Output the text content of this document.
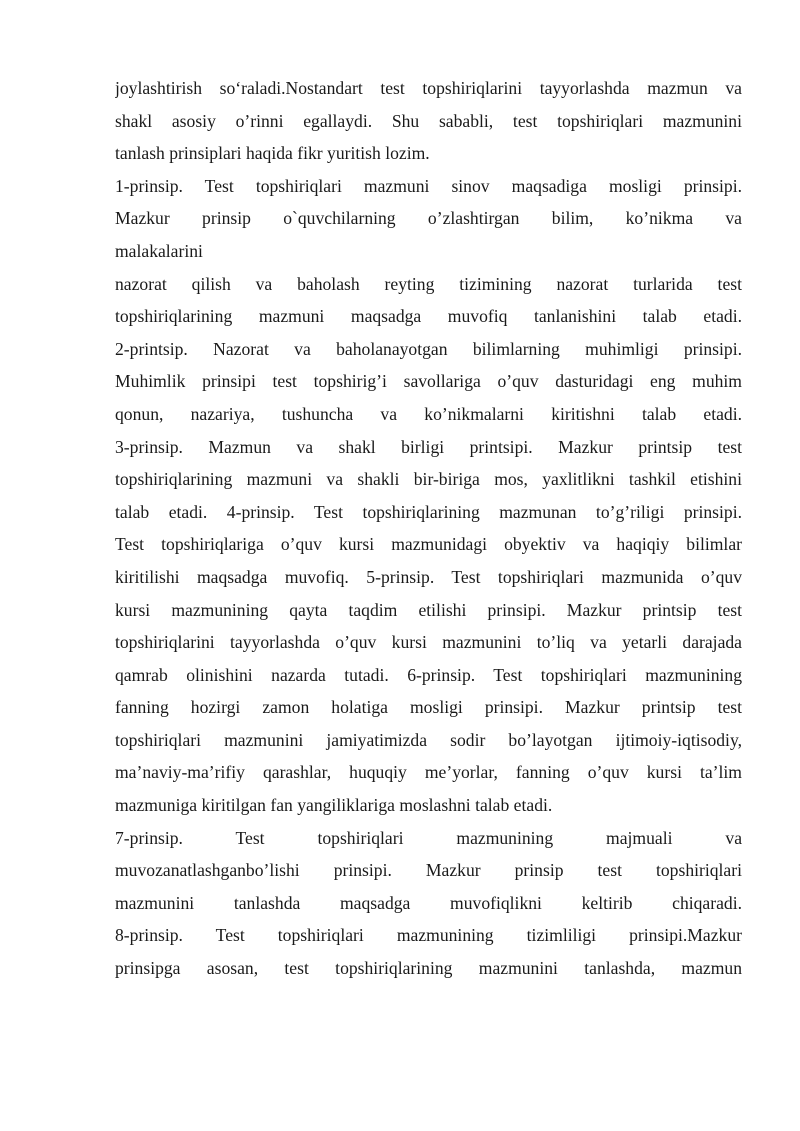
joylashtirish so‘raladi.Nostandart test topshiriqlarini tayyorlashda mazmun va
shakl asosiy o’rinni egallaydi. Shu sababli, test topshiriqlari mazmunini
tanlash prinsiplari haqida fikr yuritish lozim.
1-prinsip. Test topshiriqlari mazmuni sinov maqsadiga mosligi prinsipi.
Mazkur prinsip o`quvchilarning o’zlashtirgan bilim, ko’nikma va
malakalarini
nazorat qilish va baholash reyting tizimining nazorat turlarida test
topshiriqlarining mazmuni maqsadga muvofiq tanlanishini talab etadi.
2-printsip. Nazorat va baholanayotgan bilimlarning muhimligi prinsipi.
Muhimlik prinsipi test topshirig’i savollariga o’quv dasturidagi eng muhim
qonun, nazariya, tushuncha va ko’nikmalarni kiritishni talab etadi.
3-prinsip. Mazmun va shakl birligi printsipi. Mazkur printsip test
topshiriqlarining mazmuni va shakli bir-biriga mos, yaxlitlikni tashkil etishini
talab etadi. 4-prinsip. Test topshiriqlarining mazmunan to’g’riligi prinsipi.
Test topshiriqlariga o’quv kursi mazmunidagi obyektiv va haqiqiy bilimlar
kiritilishi maqsadga muvofiq. 5-prinsip. Test topshiriqlari mazmunida o’quv
kursi mazmunining qayta taqdim etilishi prinsipi. Mazkur printsip test
topshiriqlarini tayyorlashda o’quv kursi mazmunini to’liq va yetarli darajada
qamrab olinishini nazarda tutadi. 6-prinsip. Test topshiriqlari mazmunining
fanning hozirgi zamon holatiga mosligi prinsipi. Mazkur printsip test
topshiriqlari mazmunini jamiyatimizda sodir bo’layotgan ijtimoiy-iqtisodiy,
ma’naviy-ma’rifiy qarashlar, huquqiy me’yorlar, fanning o’quv kursi ta’lim
mazmuniga kiritilgan fan yangiliklariga moslashni talab etadi.
7-prinsip. Test topshiriqlari mazmunining majmuali va
muvozanatlashganbo’lishi prinsipi. Mazkur prinsip test topshiriqlari
mazmunini tanlashda maqsadga muvofiqlikni keltirib chiqaradi.
8-prinsip. Test topshiriqlari mazmunining tizimliligi prinsipi.Mazkur
prinsipga asosan, test topshiriqlarining mazmunini tanlashda, mazmun
